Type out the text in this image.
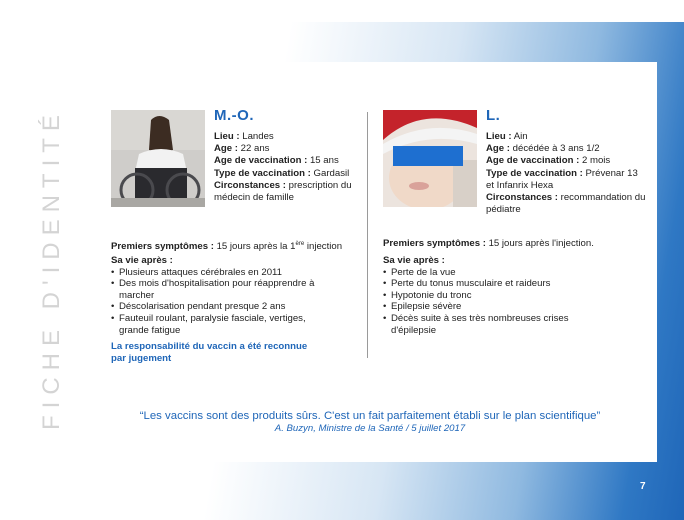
FICHE D'IDENTITÉ	M.-O.
Lieu : Landes
Age : 22 ans
Age de vaccination : 15 ans
Type de vaccination : Gardasil
Circonstances : prescription du médecin de famille
Premiers symptômes : 15 jours après la 1ère injection
Sa vie après :
• Plusieurs attaques cérébrales en 2011
• Des mois d'hospitalisation pour réapprendre à marcher
• Déscolarisation pendant presque 2 ans
• Fauteuil roulant, paralysie fasciale, vertiges, grande fatigue
La responsabilité du vaccin a été reconnue par jugement
L.
Lieu : Ain
Age : décédée à 3 ans 1/2
Age de vaccination : 2 mois
Type de vaccination : Prévenar 13 et Infanrix Hexa
Circonstances : recommandation du pédiatre
Premiers symptômes : 15 jours après l'injection.
Sa vie après :
• Perte de la vue
• Perte du tonus musculaire et raideurs
• Hypotonie du tronc
• Epilepsie sévère
• Décès suite à ses très nombreuses crises d'épilepsie
“Les vaccins sont des produits sûrs. C'est un fait parfaitement établi sur le plan scientifique”
A. Buzyn, Ministre de la Santé / 5 juillet 2017
7
